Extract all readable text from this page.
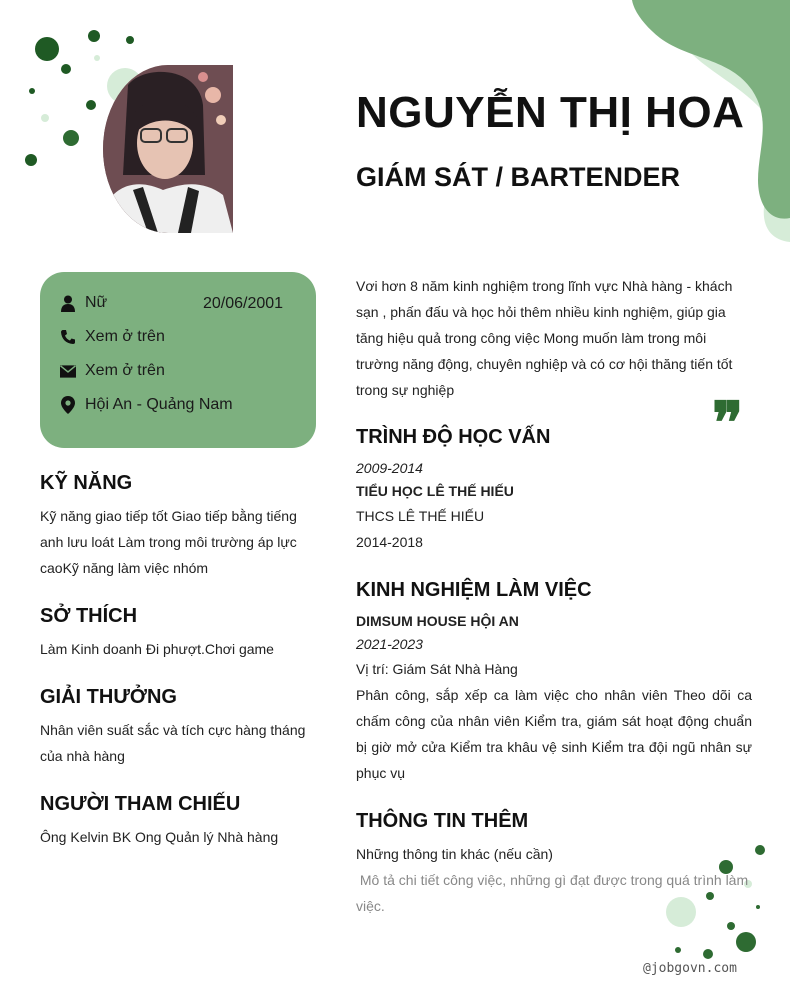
NGUYỄN THỊ HOA
GIÁM SÁT / BARTENDER
Nữ	20/06/2001
Xem ở trên
Xem ở trên
Hội An - Quảng Nam
KỸ NĂNG
Kỹ năng giao tiếp tốt Giao tiếp bằng tiếng anh lưu loát Làm trong môi trường áp lực caoKỹ năng làm việc nhóm
SỞ THÍCH
Làm Kinh doanh Đi phượt.Chơi game
GIẢI THƯỞNG
Nhân viên suất sắc và tích cực hàng tháng của nhà hàng
NGƯỜI THAM CHIẾU
Ông Kelvin BK Ong Quản lý Nhà hàng
Vơi hơn 8 năm kinh nghiệm trong lĩnh vực Nhà hàng - khách sạn , phấn đấu và học hỏi thêm nhiều kinh nghiệm, giúp gia tăng hiệu quả trong công việc Mong muốn làm trong môi trường năng động, chuyên nghiệp và có cơ hội thăng tiến tốt trong sự nghiệp	❞
TRÌNH ĐỘ HỌC VẤN
2009-2014
TIỂU HỌC LÊ THẾ HIẾU
THCS LÊ THẾ HIẾU
2014-2018
KINH NGHIỆM LÀM VIỆC
DIMSUM HOUSE HỘI AN
2021-2023
Vị trí: Giám Sát Nhà Hàng
Phân công, sắp xếp ca làm việc cho nhân viên Theo dõi ca chấm công của nhân viên Kiểm tra, giám sát hoạt động chuẩn bị giờ mở cửa Kiểm tra khâu vệ sinh Kiểm tra đội ngũ nhân sự phục vụ
THÔNG TIN THÊM
Những thông tin khác (nếu cần)
Mô tả chi tiết công việc, những gì đạt được trong quá trình làm việc.
@jobgovn.com
